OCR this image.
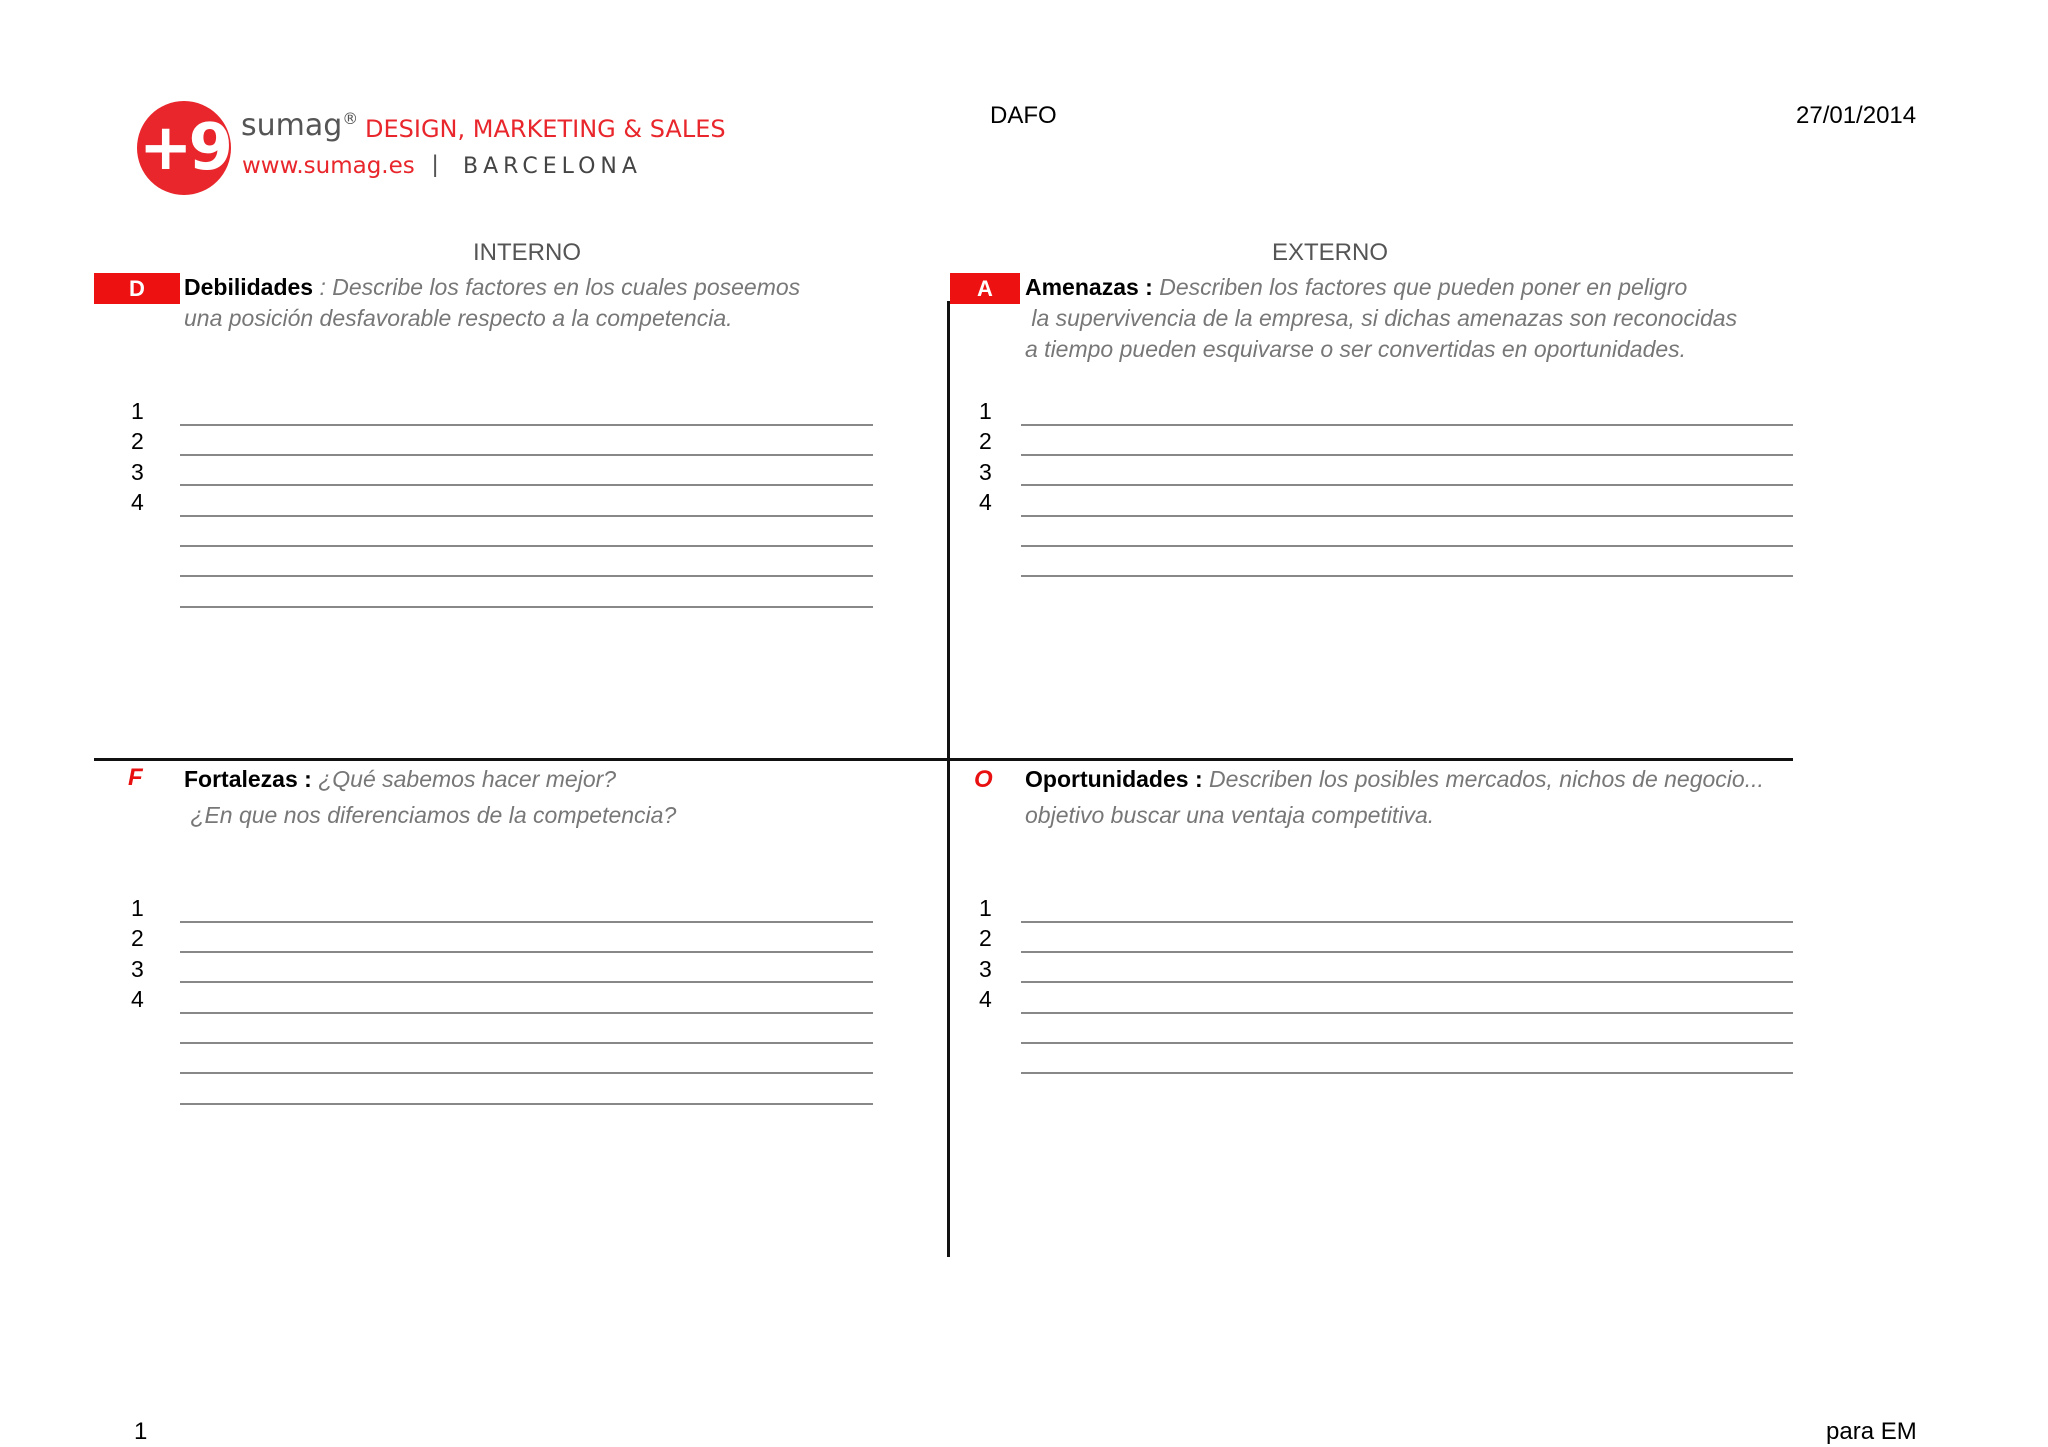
DAFO	27/01/2014
+9 sumag® DESIGN, MARKETING & SALES
www.sumag.es | BARCELONA
INTERNO	EXTERNO
D	Debilidades : Describe los factores en los cuales poseemos
una posición desfavorable respecto a la competencia.
1
2
3
4
A	Amenazas : Describen los factores que pueden poner en peligro
la supervivencia de la empresa, si dichas amenazas son reconocidas
a tiempo pueden esquivarse o ser convertidas en oportunidades.
1
2
3
4
F Fortalezas : ¿Qué sabemos hacer mejor?
¿En que nos diferenciamos de la competencia?
1
2
3
4
O Oportunidades : Describen los posibles mercados, nichos de negocio...
objetivo buscar una ventaja competitiva.
1
2
3
4
1	para EM
